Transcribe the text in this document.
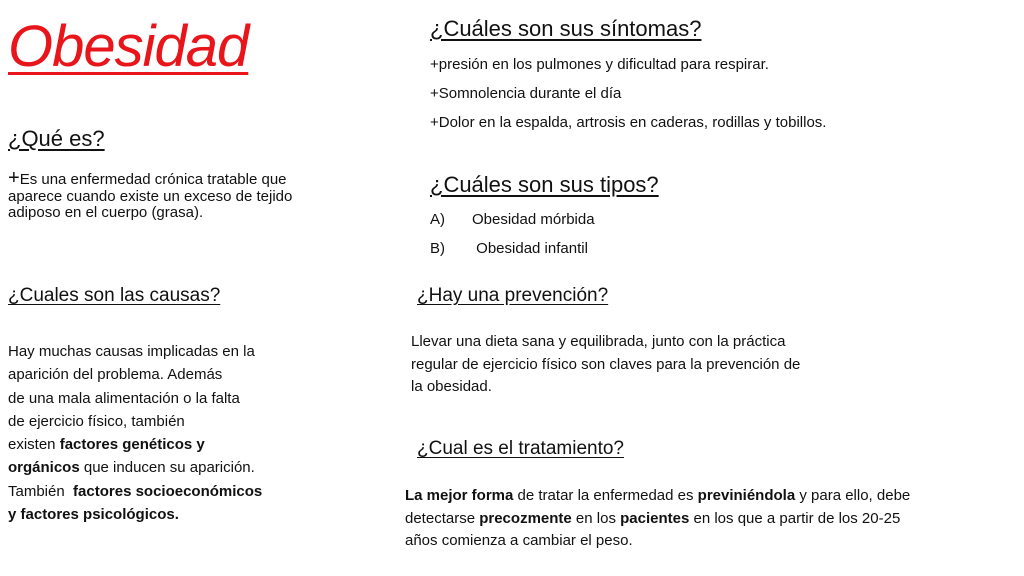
Obesidad
¿Qué es?
+Es una enfermedad crónica tratable que
aparece cuando existe un exceso de tejido
adiposo en el cuerpo (grasa).
¿Cuáles son sus síntomas?
+presión en los pulmones y dificultad para respirar.
+Somnolencia durante el día
+Dolor en la espalda, artrosis en caderas, rodillas y tobillos.
¿Cuáles son sus tipos?
A) Obesidad mórbida
B) Obesidad infantil
¿Cuales son las causas?
Hay muchas causas implicadas en la
aparición del problema. Además
de una mala alimentación o la falta
de ejercicio físico, también
existen factores genéticos y
orgánicos que inducen su aparición.
También  factores socioeconómicos
y factores psicológicos.
¿Hay una prevención?
Llevar una dieta sana y equilibrada, junto con la práctica
regular de ejercicio físico son claves para la prevención de
la obesidad.
¿Cual es el tratamiento?
La mejor forma de tratar la enfermedad es previniéndola y para ello, debe
detectarse precozmente en los pacientes en los que a partir de los 20-25
años comienza a cambiar el peso.
